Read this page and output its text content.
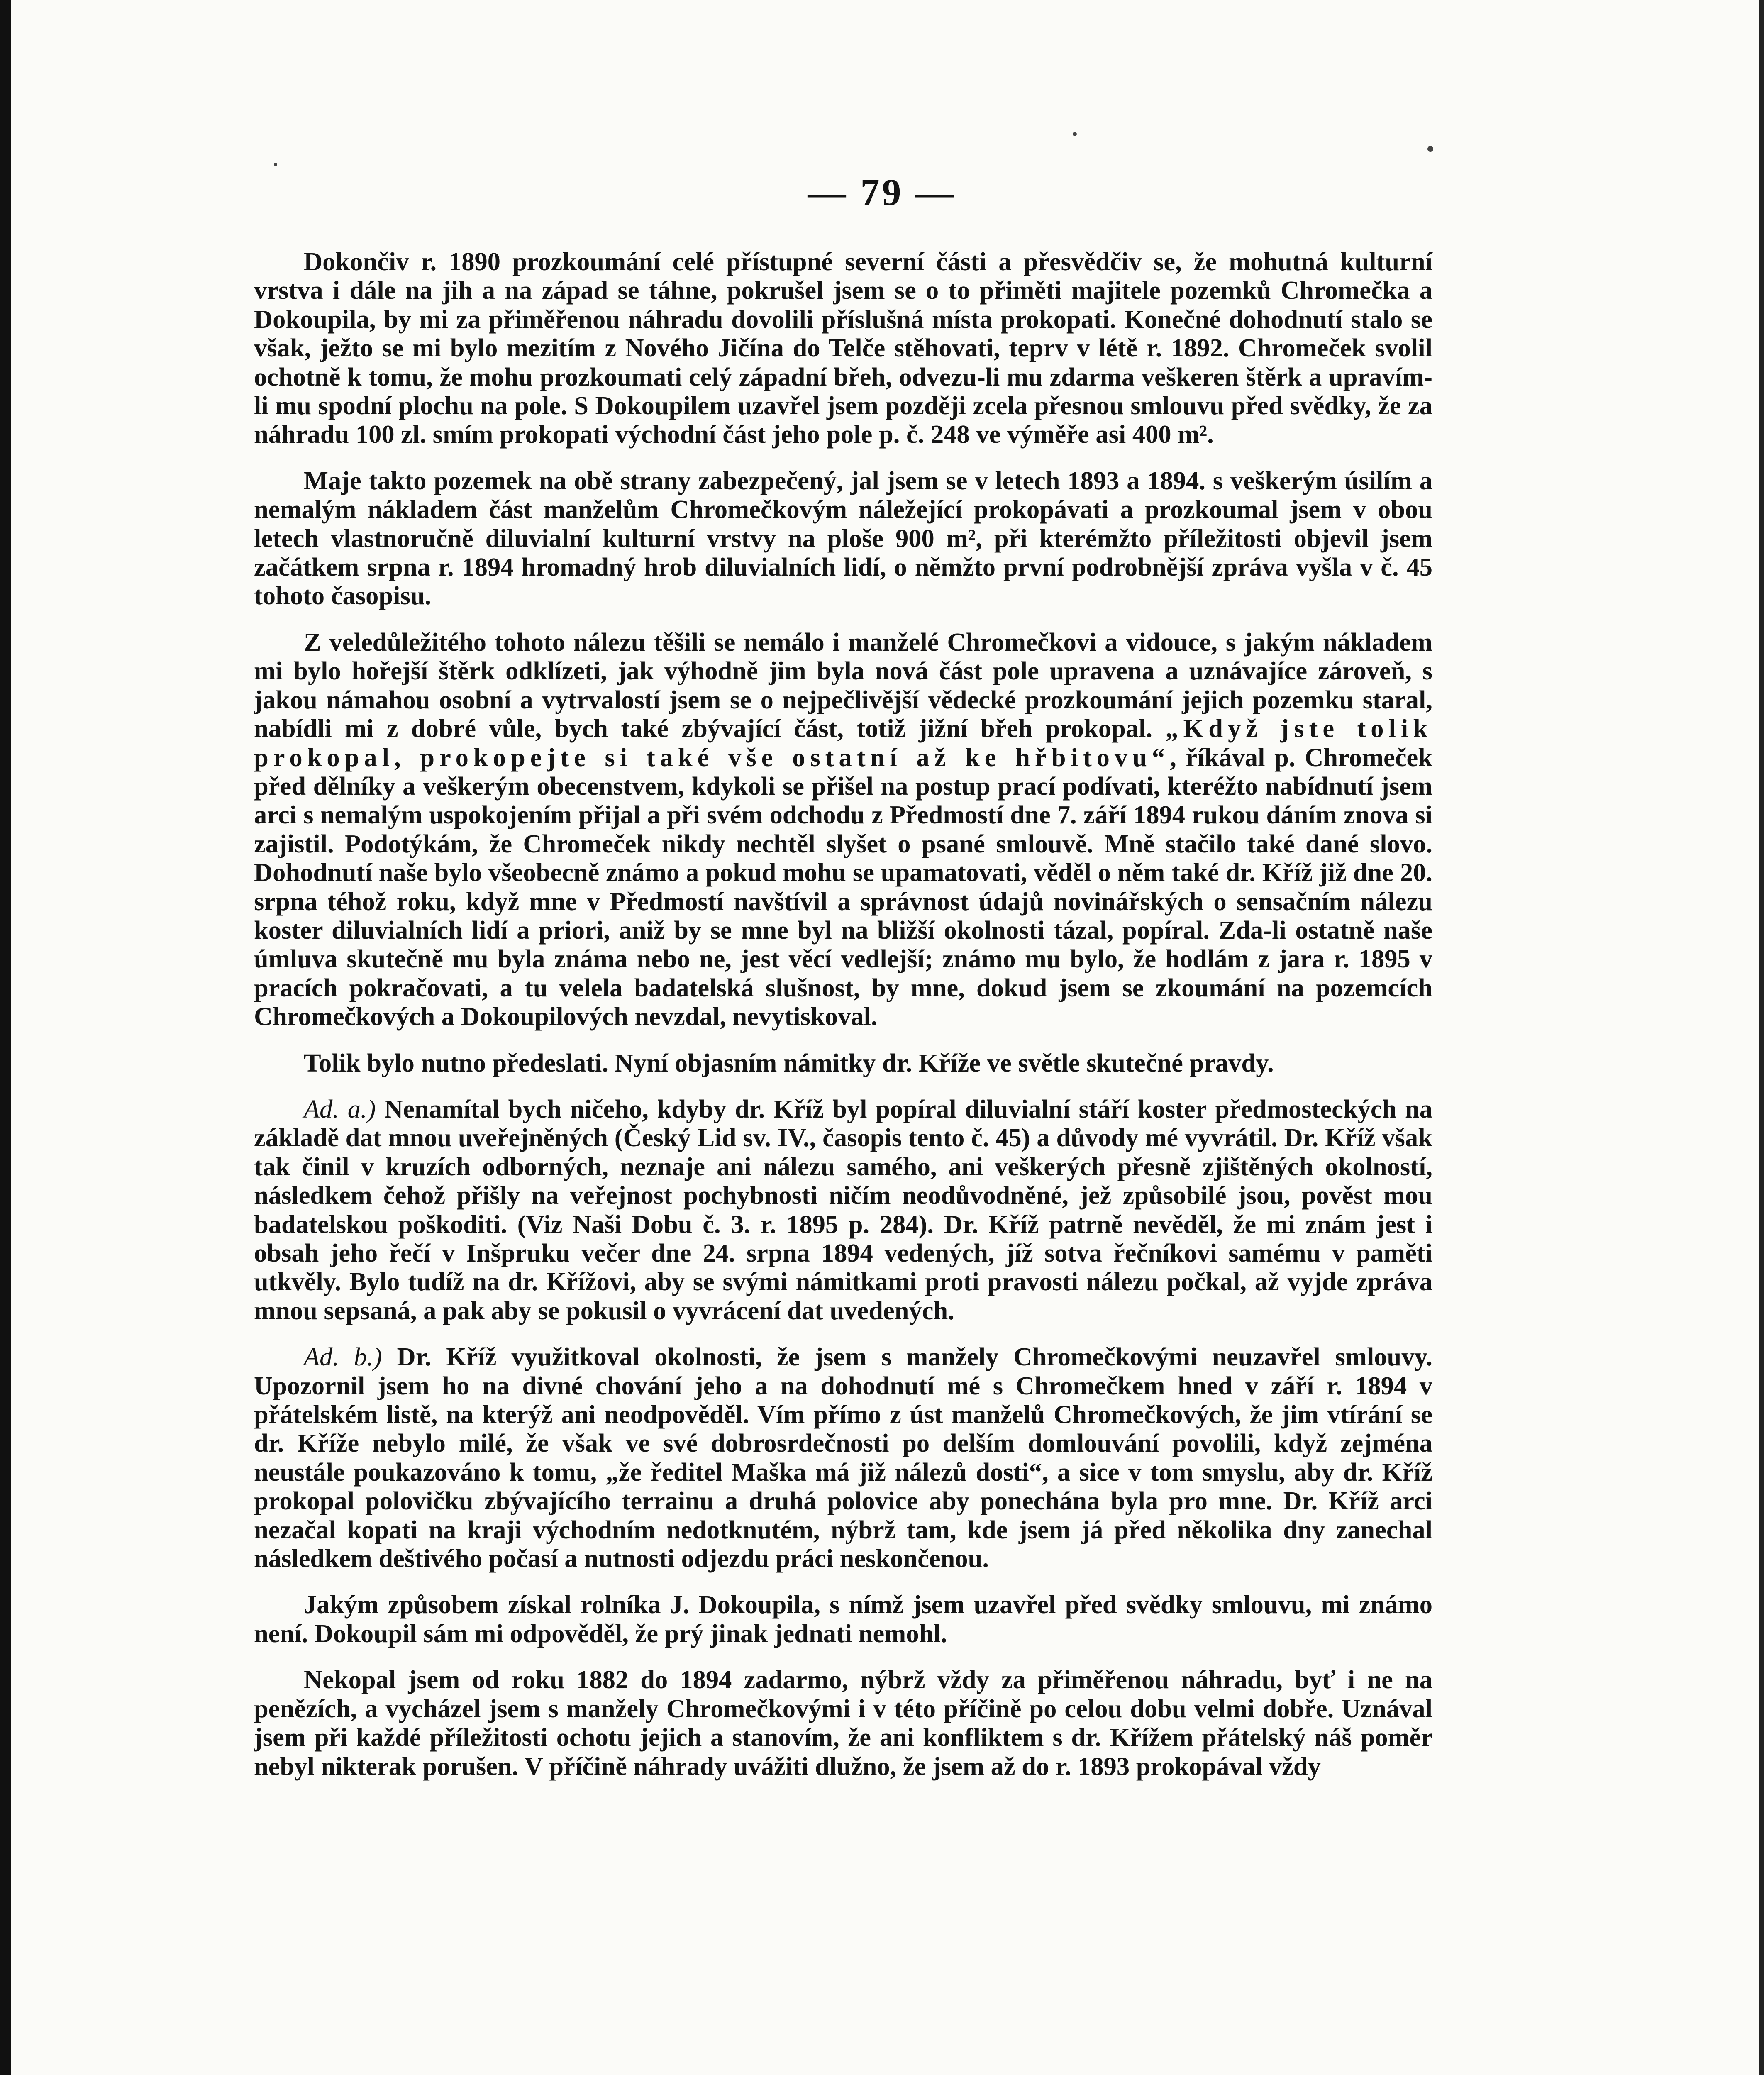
— 79 —

Dokončiv r. 1890 prozkoumání celé přístupné severní části a přesvědčiv se, že mohutná kulturní vrstva i dále na jih a na západ se táhne, pokrušel jsem se o to přiměti majitele pozemků Chromečka a Dokoupila, by mi za přiměřenou náhradu dovolili příslušná místa prokopati. Konečné dohodnutí stalo se však, ježto se mi bylo mezitím z Nového Jičína do Telče stěhovati, teprv v létě r. 1892. Chromeček svolil ochotně k tomu, že mohu prozkoumati celý západní břeh, odvezu-li mu zdarma veškeren štěrk a upravím-li mu spodní plochu na pole. S Dokoupilem uzavřel jsem později zcela přesnou smlouvu před svědky, že za náhradu 100 zl. smím prokopati východní část jeho pole p. č. 248 ve výměře asi 400 m².

Maje takto pozemek na obě strany zabezpečený, jal jsem se v letech 1893 a 1894. s veškerým úsilím a nemalým nákladem část manželům Chromečkovým náležející prokopávati a prozkoumal jsem v obou letech vlastnoručně diluvialní kulturní vrstvy na ploše 900 m², při kterémžto příležitosti objevil jsem začátkem srpna r. 1894 hromadný hrob diluvialních lidí, o němžto první podrobnější zpráva vyšla v č. 45 tohoto časopisu.

Z veledůležitého tohoto nálezu těšili se nemálo i manželé Chromečkovi a vidouce, s jakým nákladem mi bylo hořejší štěrk odklízeti, jak výhodně jim byla nová část pole upravena a uznávajíce zároveň, s jakou námahou osobní a vytrvalostí jsem se o nejpečlivější vědecké prozkoumání jejich pozemku staral, nabídli mi z dobré vůle, bych také zbývající část, totiž jižní břeh prokopal. „Když jste tolik prokopal, prokopejte si také vše ostatní až ke hřbitovu“, říkával p. Chromeček před dělníky a veškerým obecenstvem, kdykoli se přišel na postup prací podívati, kteréžto nabídnutí jsem arci s nemalým uspokojením přijal a při svém odchodu z Předmostí dne 7. září 1894 rukou dáním znova si zajistil. Podotýkám, že Chromeček nikdy nechtěl slyšet o psané smlouvě. Mně stačilo také dané slovo. Dohodnutí naše bylo všeobecně známo a pokud mohu se upamatovati, věděl o něm také dr. Kříž již dne 20. srpna téhož roku, když mne v Předmostí navštívil a správnost údajů novinářských o sensačním nálezu koster diluvialních lidí a priori, aniž by se mne byl na bližší okolnosti tázal, popíral. Zda-li ostatně naše úmluva skutečně mu byla známa nebo ne, jest věcí vedlejší; známo mu bylo, že hodlám z jara r. 1895 v pracích pokračovati, a tu velela badatelská slušnost, by mne, dokud jsem se zkoumání na pozemcích Chromečkových a Dokoupilových nevzdal, nevytiskoval.

Tolik bylo nutno předeslati. Nyní objasním námitky dr. Kříže ve světle skutečné pravdy.

Ad. a.) Nenamítal bych ničeho, kdyby dr. Kříž byl popíral diluvialní stáří koster předmosteckých na základě dat mnou uveřejněných (Český Lid sv. IV., časopis tento č. 45) a důvody mé vyvrátil. Dr. Kříž však tak činil v kruzích odborných, neznaje ani nálezu samého, ani veškerých přesně zjištěných okolností, následkem čehož přišly na veřejnost pochybnosti ničím neodůvodněné, jež způsobilé jsou, pověst mou badatelskou poškoditi. (Viz Naši Dobu č. 3. r. 1895 p. 284). Dr. Kříž patrně nevěděl, že mi znám jest i obsah jeho řečí v Inšpruku večer dne 24. srpna 1894 vedených, jíž sotva řečníkovi samému v paměti utkvěly. Bylo tudíž na dr. Křížovi, aby se svými námitkami proti pravosti nálezu počkal, až vyjde zpráva mnou sepsaná, a pak aby se pokusil o vyvrácení dat uvedených.

Ad. b.) Dr. Kříž využitkoval okolnosti, že jsem s manžely Chromečkovými neuzavřel smlouvy. Upozornil jsem ho na divné chování jeho a na dohodnutí mé s Chromečkem hned v září r. 1894 v přátelském listě, na kterýž ani neodpověděl. Vím přímo z úst manželů Chromečkových, že jim vtírání se dr. Kříže nebylo milé, že však ve své dobrosrdečnosti po delším domlouvání povolili, když zejména neustále poukazováno k tomu, „že ředitel Maška má již nálezů dosti“, a sice v tom smyslu, aby dr. Kříž prokopal polovičku zbývajícího terrainu a druhá polovice aby ponechána byla pro mne. Dr. Kříž arci nezačal kopati na kraji východním nedotknutém, nýbrž tam, kde jsem já před několika dny zanechal následkem deštivého počasí a nutnosti odjezdu práci neskončenou.

Jakým způsobem získal rolníka J. Dokoupila, s nímž jsem uzavřel před svědky smlouvu, mi známo není. Dokoupil sám mi odpověděl, že prý jinak jednati nemohl.

Nekopal jsem od roku 1882 do 1894 zadarmo, nýbrž vždy za přiměřenou náhradu, byť i ne na penězích, a vycházel jsem s manžely Chromečkovými i v této příčině po celou dobu velmi dobře. Uznával jsem při každé příležitosti ochotu jejich a stanovím, že ani konfliktem s dr. Křížem přátelský náš poměr nebyl nikterak porušen. V příčině náhrady uvážiti dlužno, že jsem až do r. 1893 prokopával vždy
